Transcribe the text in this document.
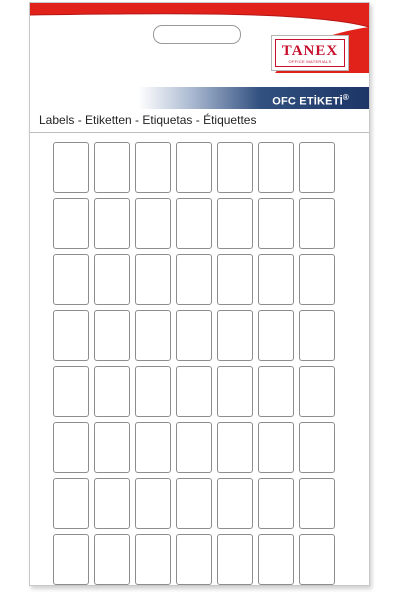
TANEX
OFFICE MATERIALS
OFC ETİKETİ®
Labels - Etiketten - Etiquetas - Étiquettes
